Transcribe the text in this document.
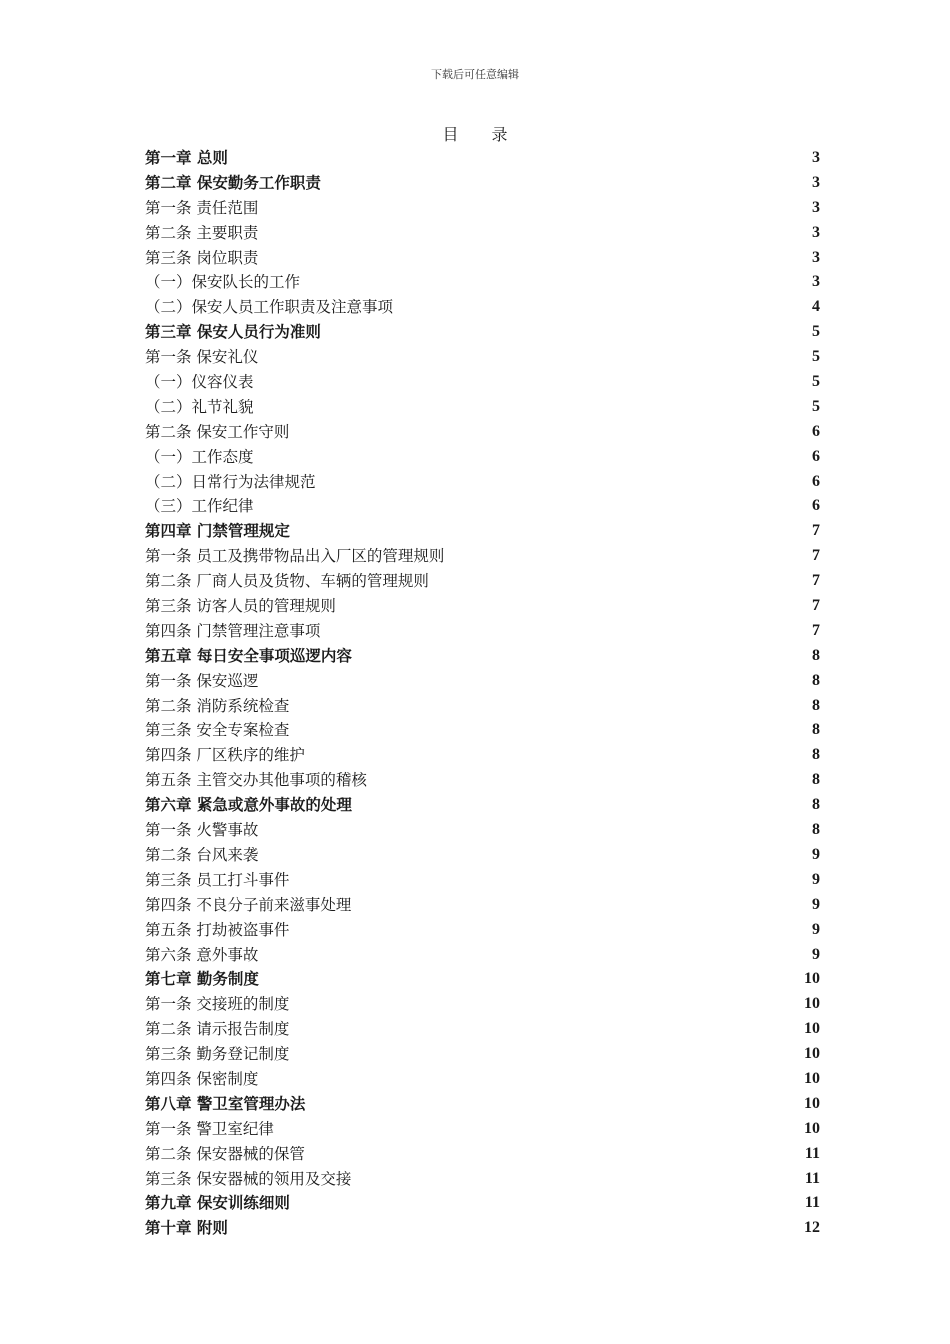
下载后可任意编辑
目 录
第一章 总则	3
第二章 保安勤务工作职责	3
第一条 责任范围	3
第二条 主要职责	3
第三条 岗位职责	3
（一）保安队长的工作	3
（二）保安人员工作职责及注意事项	4
第三章 保安人员行为准则	5
第一条 保安礼仪	5
（一）仪容仪表	5
（二）礼节礼貌	5
第二条 保安工作守则	6
（一）工作态度	6
（二）日常行为法律规范	6
（三）工作纪律	6
第四章 门禁管理规定	7
第一条 员工及携带物品出入厂区的管理规则	7
第二条 厂商人员及货物、车辆的管理规则	7
第三条 访客人员的管理规则	7
第四条 门禁管理注意事项	7
第五章 每日安全事项巡逻内容	8
第一条 保安巡逻	8
第二条 消防系统检查	8
第三条 安全专案检查	8
第四条 厂区秩序的维护	8
第五条 主管交办其他事项的稽核	8
第六章 紧急或意外事故的处理	8
第一条 火警事故	8
第二条 台风来袭	9
第三条 员工打斗事件	9
第四条 不良分子前来滋事处理	9
第五条 打劫被盗事件	9
第六条 意外事故	9
第七章 勤务制度	10
第一条 交接班的制度	10
第二条 请示报告制度	10
第三条 勤务登记制度	10
第四条 保密制度	10
第八章 警卫室管理办法	10
第一条 警卫室纪律	10
第二条 保安器械的保管	11
第三条 保安器械的领用及交接	11
第九章 保安训练细则	11
第十章 附则	12
